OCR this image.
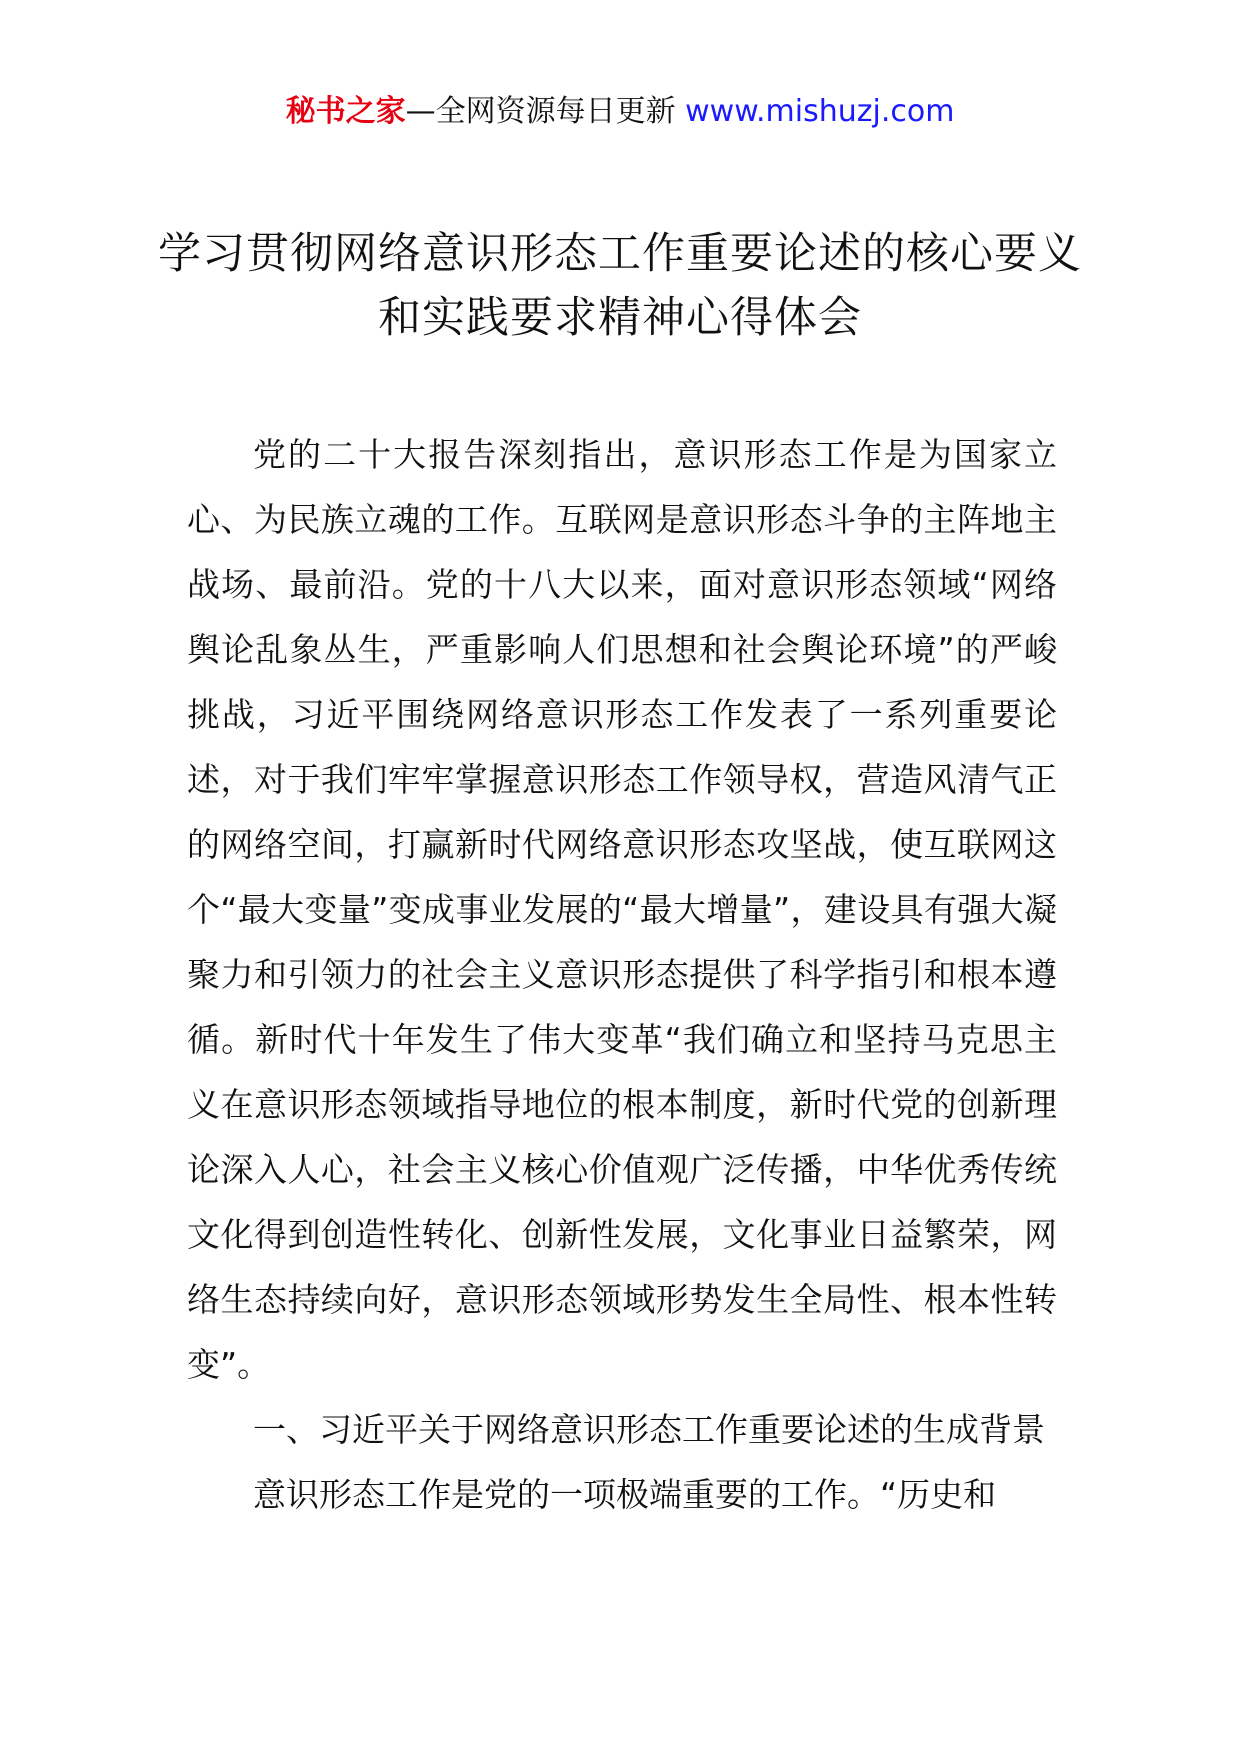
秘书之家—全网资源每日更新 www.mishuzj.com
学习贯彻网络意识形态工作重要论述的核心要义和实践要求精神心得体会

党的二十大报告深刻指出，意识形态工作是为国家立心、为民族立魂的工作。互联网是意识形态斗争的主阵地主战场、最前沿。党的十八大以来，面对意识形态领域“网络舆论乱象丛生，严重影响人们思想和社会舆论环境”的严峻挑战，习近平围绕网络意识形态工作发表了一系列重要论述，对于我们牢牢掌握意识形态工作领导权，营造风清气正的网络空间，打赢新时代网络意识形态攻坚战，使互联网这个“最大变量”变成事业发展的“最大增量”，建设具有强大凝聚力和引领力的社会主义意识形态提供了科学指引和根本遵循。新时代十年发生了伟大变革“我们确立和坚持马克思主义在意识形态领域指导地位的根本制度，新时代党的创新理论深入人心，社会主义核心价值观广泛传播，中华优秀传统文化得到创造性转化、创新性发展，文化事业日益繁荣，网络生态持续向好，意识形态领域形势发生全局性、根本性转变”。

一、习近平关于网络意识形态工作重要论述的生成背景

意识形态工作是党的一项极端重要的工作。“历史和
